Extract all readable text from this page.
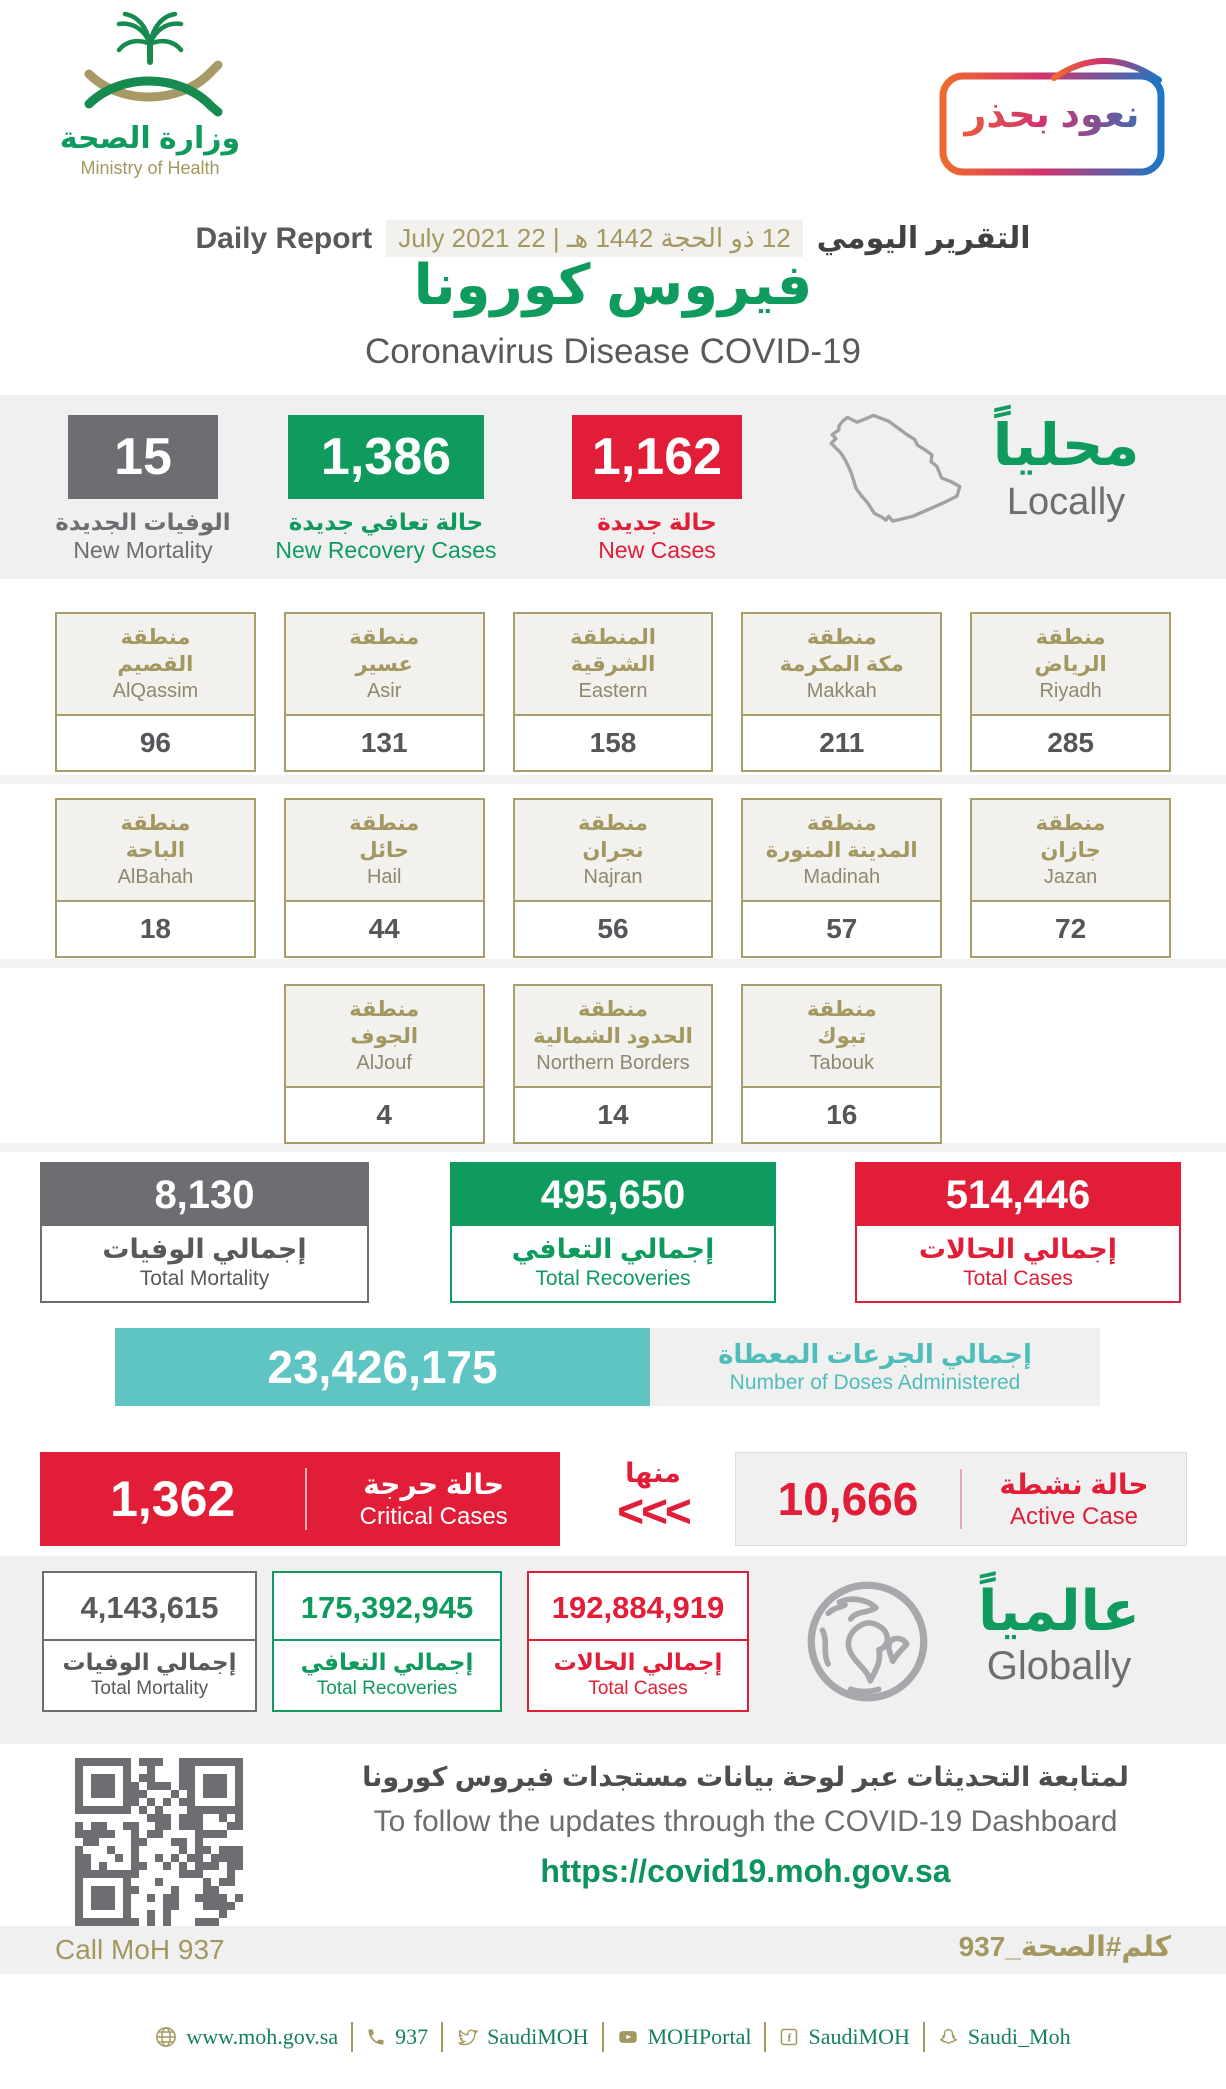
وزارة الصحة
Ministry of Health
نعود بحذر
Daily Report	12 ذو الحجة 1442 هـ | 22 July 2021 التقرير اليومي
فيروس كورونا
Coronavirus Disease COVID-19
15
الوفيات الجديدة
New Mortality
1,386
حالة تعافي جديدة
New Recovery Cases
1,162
حالة جديدة
New Cases
محلياً
Locally
منطقة
القصيم
AlQassim
96
منطقة
عسير
Asir
131
المنطقة
الشرقية
Eastern
158
منطقة
مكة المكرمة
Makkah
211
منطقة
الرياض
Riyadh
285
منطقة
الباحة
AlBahah
18
منطقة
حائل
Hail
44
منطقة
نجران
Najran
56
منطقة
المدينة المنورة
Madinah
57
منطقة
جازان
Jazan
72
منطقة
الجوف
AlJouf
4
منطقة
الحدود الشمالية
Northern Borders
14
منطقة
تبوك
Tabouk
16
8,130
إجمالي الوفيات
Total Mortality
495,650
إجمالي التعافي
Total Recoveries
514,446
إجمالي الحالات
Total Cases
23,426,175	إجمالي الجرعات المعطاة
Number of Doses Administered
1,362	حالة حرجة
Critical Cases
منها
<<<	10,666	حالة نشطة
Active Case
4,143,615
إجمالي الوفيات
Total Mortality
175,392,945
إجمالي التعافي
Total Recoveries
192,884,919
إجمالي الحالات
Total Cases
عالمياً
Globally
لمتابعة التحديثات عبر لوحة بيانات مستجدات فيروس كورونا
To follow the updates through the COVID-19 Dashboard
https://covid19.moh.gov.sa
Call MoH 937	كلم#الصحة_937
www.moh.gov.sa	937	SaudiMOH	MOHPortal	f SaudiMOH	Saudi_Moh
